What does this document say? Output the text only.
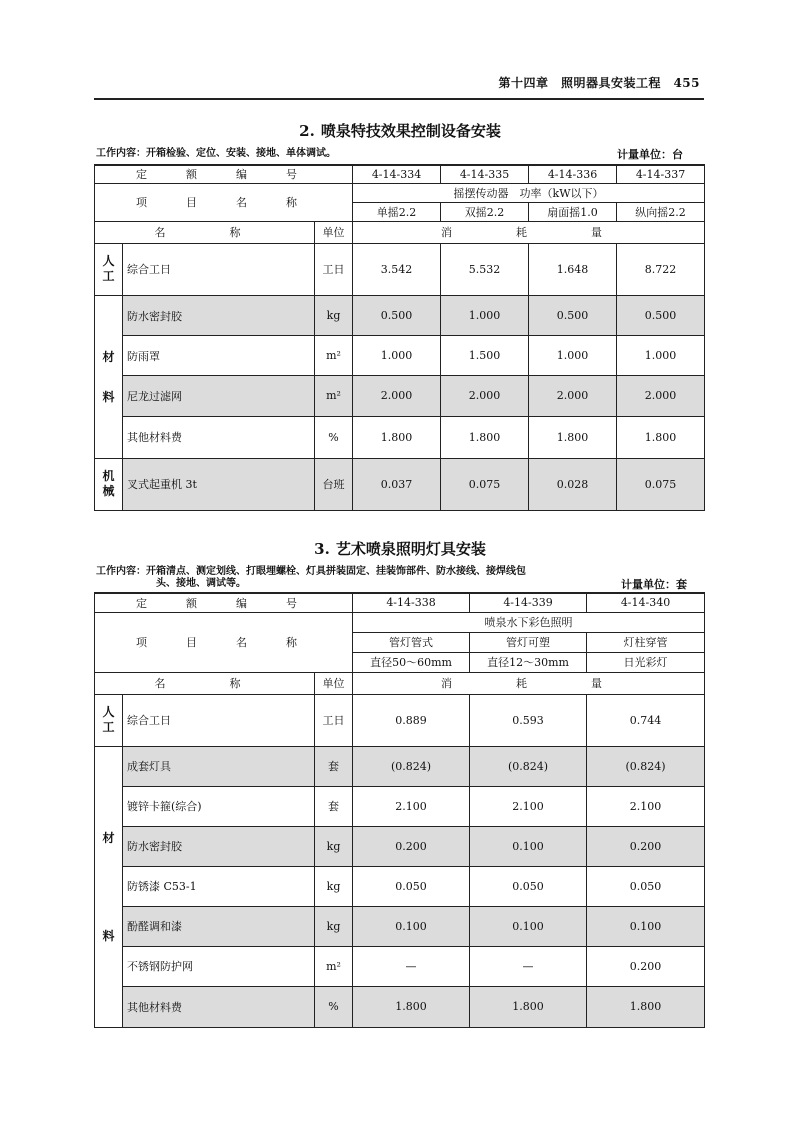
第十四章　照明器具安装工程　455
2. 喷泉特技效果控制设备安装
工作内容：开箱检验、定位、安装、接地、单体调试。	计量单位：台
定　额　编　号			4-14-334	4-14-335	4-14-336	4-14-337
项　目　名　称			摇摆传动器　功率（kW以下）			
			单摇2.2	双摇2.2	扇面摇1.0	纵向摇2.2
名　　称		单位	消　　耗　　量			
人工	综合工日	工日	3.542	5.532	1.648	8.722

材
料	防水密封胶	kg	0.500	1.000	0.500	0.500
	防雨罩	m²	1.000	1.500	1.000	1.000
	尼龙过滤网	m²	2.000	2.000	2.000	2.000
	其他材料费	%	1.800	1.800	1.800	1.800
机械	叉式起重机 3t	台班	0.037	0.075	0.028	0.075
3. 艺术喷泉照明灯具安装
工作内容：开箱清点、测定划线、打眼埋螺栓、灯具拼装固定、挂装饰部件、防水接线、接焊线包
头、接地、调试等。	计量单位：套
定　额　编　号			4-14-338	4-14-339	4-14-340
项　目　名　称			喷泉水下彩色照明		
			管灯管式	管灯可塑	灯柱穿管
			直径50～60mm	直径12～30mm	日光彩灯
名　　称		单位	消　　耗　　量		
人工	综合工日	工日	0.889	0.593	0.744

材
料	成套灯具	套	(0.824)	(0.824)	(0.824)
	镀锌卡箍(综合)	套	2.100	2.100	2.100
	防水密封胶	kg	0.200	0.100	0.200
	防锈漆 C53-1	kg	0.050	0.050	0.050
	酚醛调和漆	kg	0.100	0.100	0.100
	不锈钢防护网	m²	—	—	0.200
	其他材料费	%	1.800	1.800	1.800
